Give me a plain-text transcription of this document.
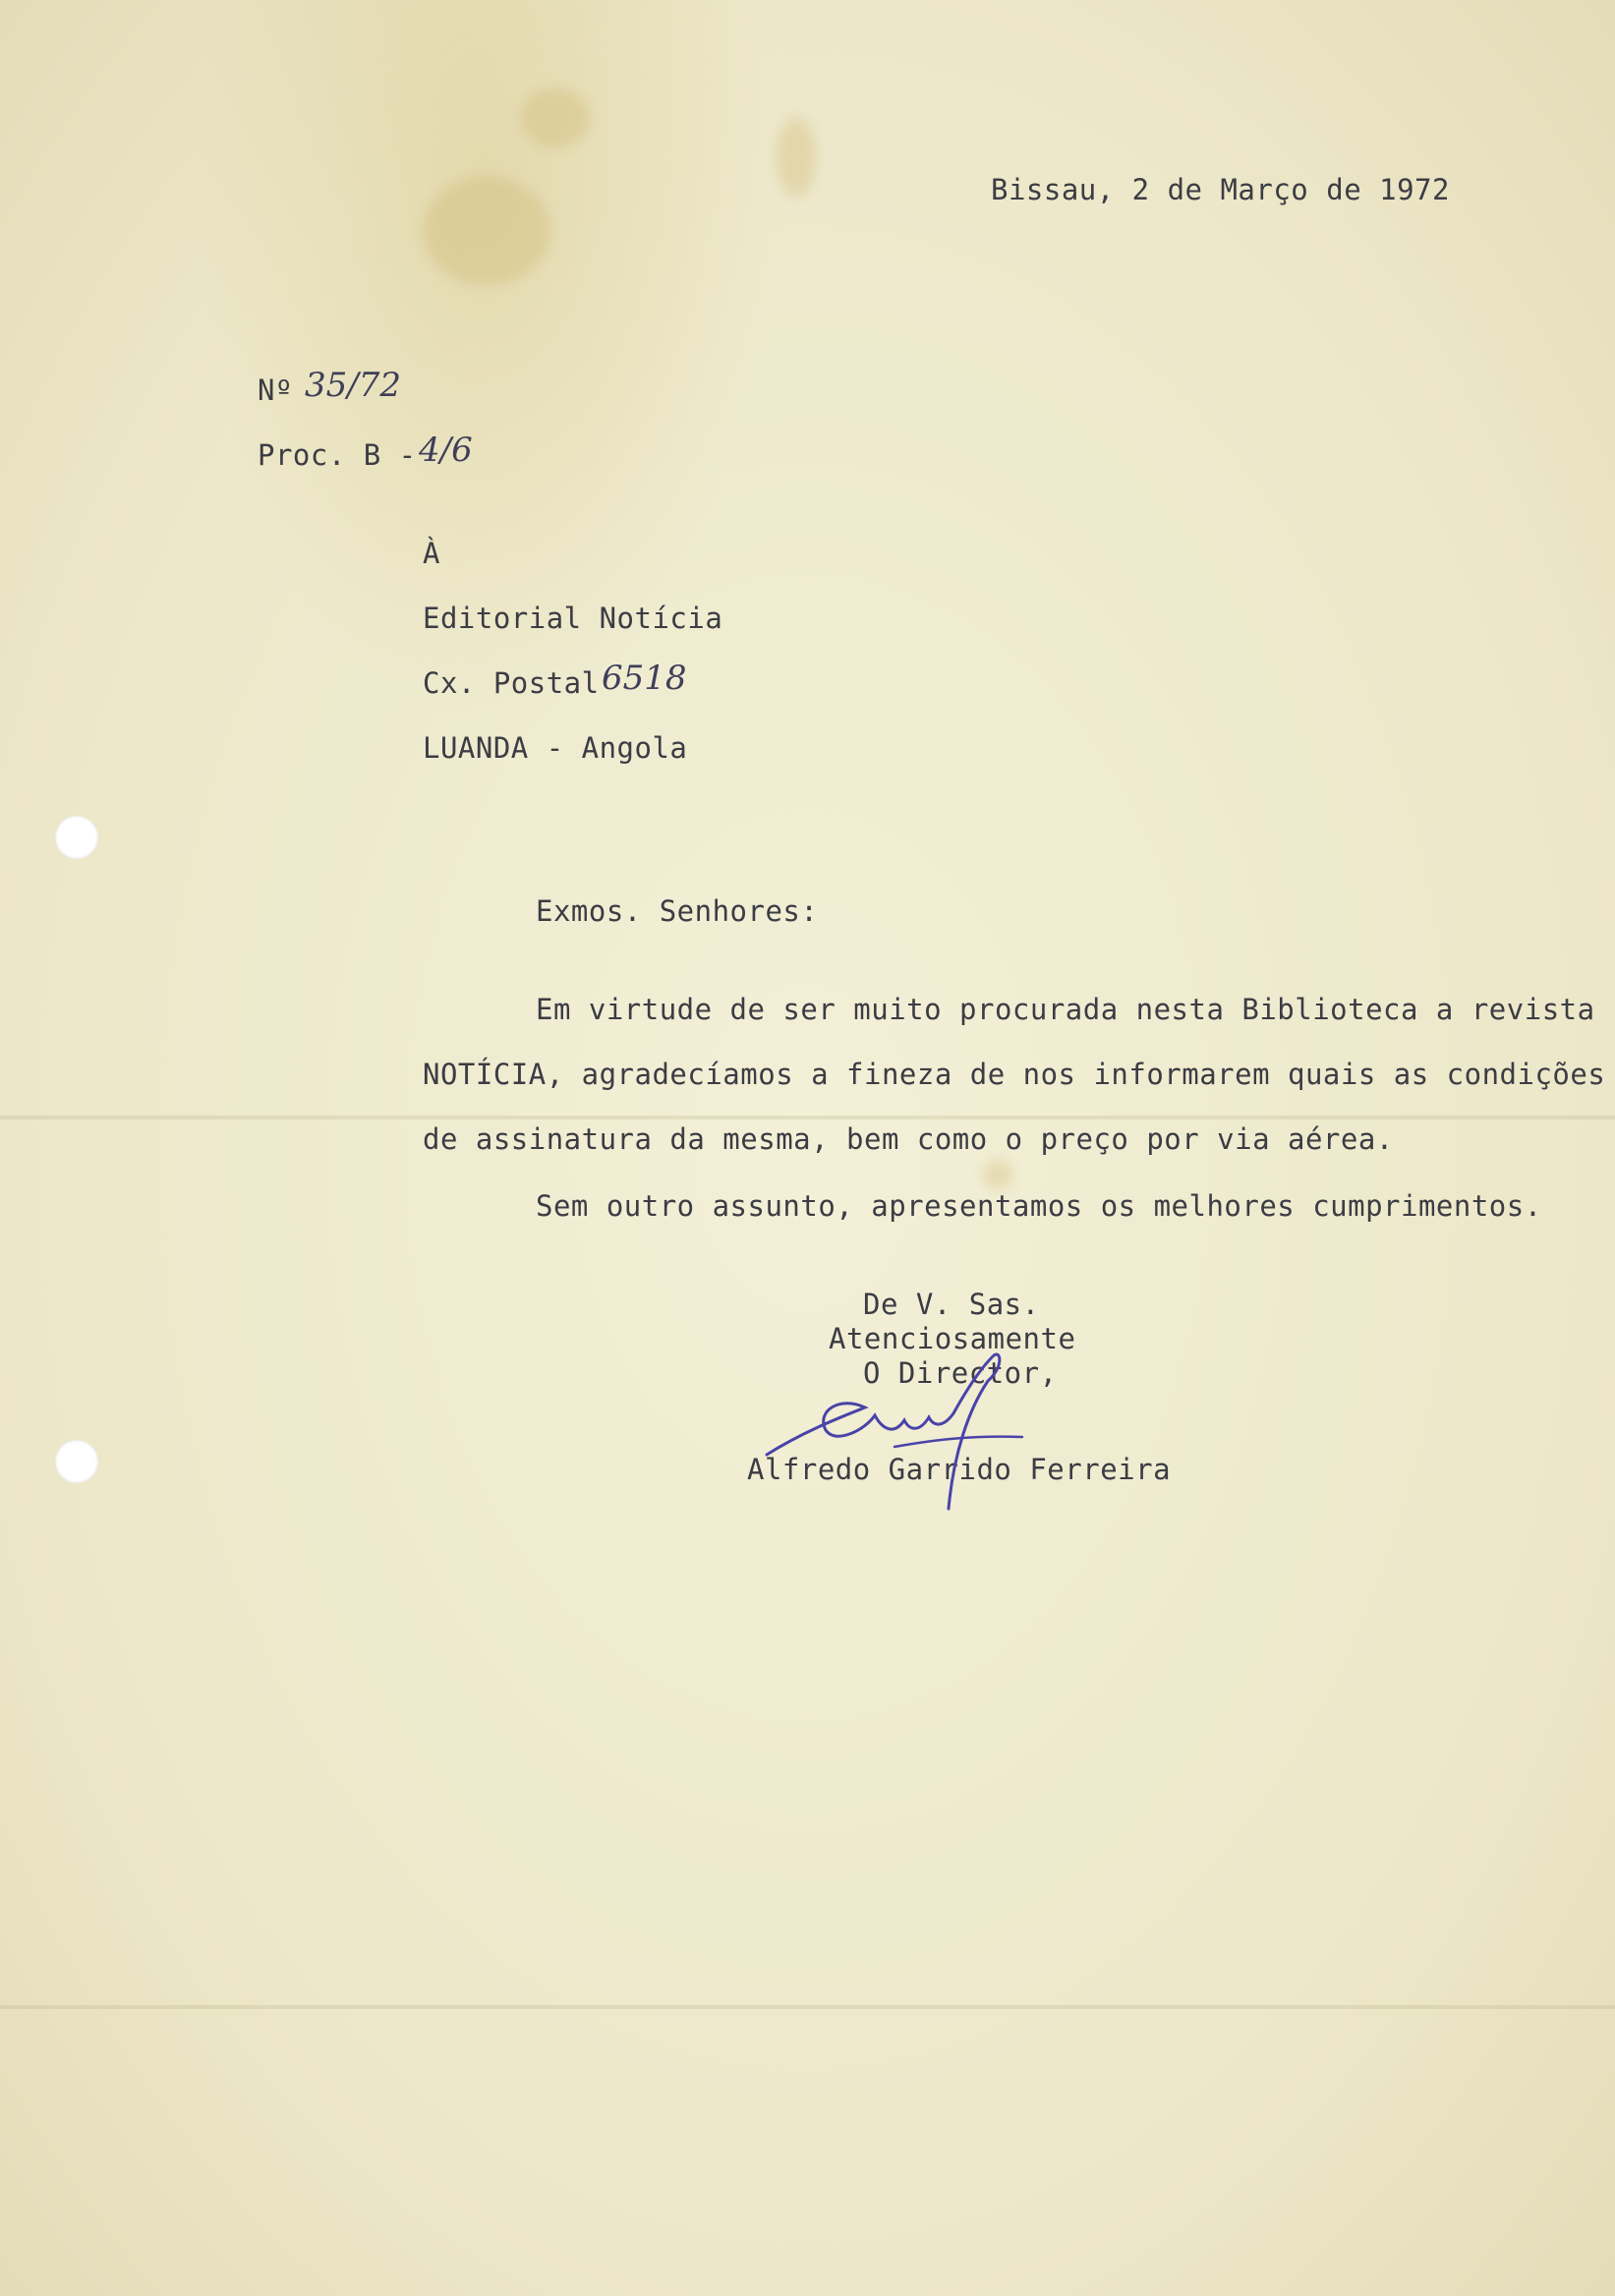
Bissau, 2 de Março de 1972
Nº 35/72
Proc. B - 4/6
À
Editorial Notícia
Cx. Postal 6518
LUANDA - Angola
Exmos. Senhores:
Em virtude de ser muito procurada nesta Biblioteca a revista
NOTÍCIA, agradecíamos a fineza de nos informarem quais as condições
de assinatura da mesma, bem como o preço por via aérea.
Sem outro assunto, apresentamos os melhores cumprimentos.
De V. Sas.
Atenciosamente
O Director,
Alfredo Garrido Ferreira
